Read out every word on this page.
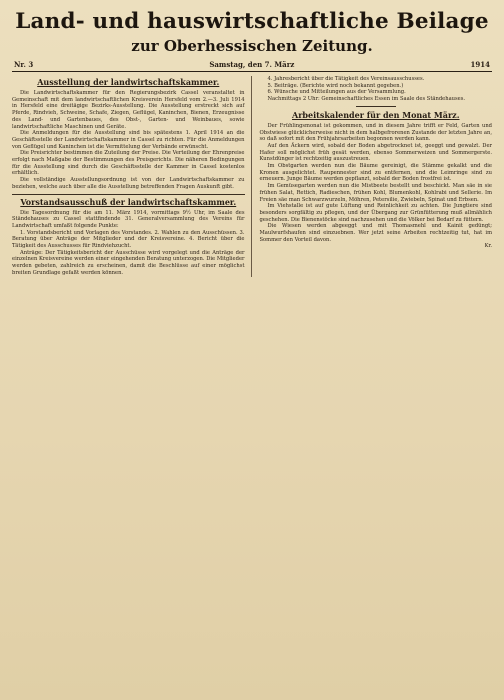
Land- und hauswirtschaftliche Beilage
zur Oberhessischen Zeitung.
Nr. 3	Samstag, den 7. März	1914
Ausstellung der landwirtschaftskammer.

Die Landwirtschaftskammer für den Regierungsbezirk Cassel veranstaltet in Gemeinschaft mit dem landwirtschaftlichen Kreisverein Hersfeld vom 2.—3. Juli 1914 in Hersfeld eine dreitägige Bezirks-Ausstellung. Die Ausstellung erstreckt sich auf Pferde, Rindvieh, Schweine, Schafe, Ziegen, Geflügel, Kaninchen, Bienen, Erzeugnisse des Land- und Gartenbaues, des Obst-, Garten- und Weinbaues, sowie landwirtschaftliche Maschinen und Geräte.

Die Anmeldungen für die Ausstellung sind bis spätestens 1. April 1914 an die Geschäftsstelle der Landwirtschaftskammer in Cassel zu richten. Für die Anmeldungen von Geflügel und Kaninchen ist die Vermittelung der Verbände erwünscht.

Die Preisrichter bestimmen die Zuteilung der Preise. Die Verteilung der Ehrenpreise erfolgt nach Maßgabe der Bestimmungen des Preisgerichts. Die näheren Bedingungen für die Ausstellung sind durch die Geschäftsstelle der Kammer in Cassel kostenlos erhältlich.

Die vollständige Ausstellungsordnung ist von der Landwirtschaftskammer zu beziehen, welche auch über alle die Ausstellung betreffenden Fragen Auskunft gibt.

Vorstandsausschuß der landwirtschaftskammer.

Die Tagesordnung für die am 11. März 1914, vormittags 9½ Uhr, im Saale des Ständehauses zu Cassel stattfindende 31. Generalversammlung des Vereins für Landwirtschaft umfaßt folgende Punkte:

1. Vorstandsbericht und Vorlagen des Vorstandes. 2. Wahlen zu den Ausschüssen. 3. Beratung über Anträge der Mitglieder und der Kreisvereine. 4. Bericht über die Tätigkeit des Ausschusses für Rindviehzucht.

Anträge: Der Tätigkeitsbericht der Ausschüsse wird vorgelegt und die Anträge der einzelnen Kreisvereine werden einer eingehenden Beratung unterzogen. Die Mitglieder werden gebeten, zahlreich zu erscheinen, damit die Beschlüsse auf einer möglichst breiten Grundlage gefaßt werden können.

4. Jahresbericht über die Tätigkeit des Vereinsausschusses.

5. Beiträge. (Berichte wird noch bekannt gegeben.)

6. Wünsche und Mitteilungen aus der Versammlung.

Nachmittags 2 Uhr: Gemeinschaftliches Essen im Saale des Ständehauses.

Arbeitskalender für den Monat März.

Der Frühlingsmonat ist gekommen, und in diesem Jahre trifft er Feld, Garten und Obstwiese glücklicherweise nicht in dem halbgefrorenen Zustande der letzten Jahre an, so daß sofort mit den Frühjahrsarbeiten begonnen werden kann.

Auf den Äckern wird, sobald der Boden abgetrocknet ist, geeggt und gewalzt. Der Hafer soll möglichst früh gesät werden, ebenso Sommerweizen und Sommergerste. Kunstdünger ist rechtzeitig auszustreuen.

Im Obstgarten werden nun die Bäume gereinigt, die Stämme gekalkt und die Kronen ausgelichtet. Raupennester sind zu entfernen, und die Leimringe sind zu erneuern. Junge Bäume werden gepflanzt, sobald der Boden frostfrei ist.

Im Gemüsegarten werden nun die Mistbeete bestellt und beschickt. Man säe in sie frühen Salat, Rettich, Radieschen, frühen Kohl, Blumenkohl, Kohlrabi und Sellerie. Im Freien säe man Schwarzwurzeln, Möhren, Petersilie, Zwiebeln, Spinat und Erbsen.

Im Viehstalle ist auf gute Lüftung und Reinlichkeit zu achten. Die Jungtiere sind besonders sorgfältig zu pflegen, und der Übergang zur Grünfütterung muß allmählich geschehen. Die Bienenstöcke sind nachzusehen und die Völker bei Bedarf zu füttern.

Die Wiesen werden abgeeggt und mit Thomasmehl und Kainit gedüngt; Maulwurfshaufen sind einzuebnen. Wer jetzt seine Arbeiten rechtzeitig tut, hat im Sommer den Vorteil davon.

Kr.
